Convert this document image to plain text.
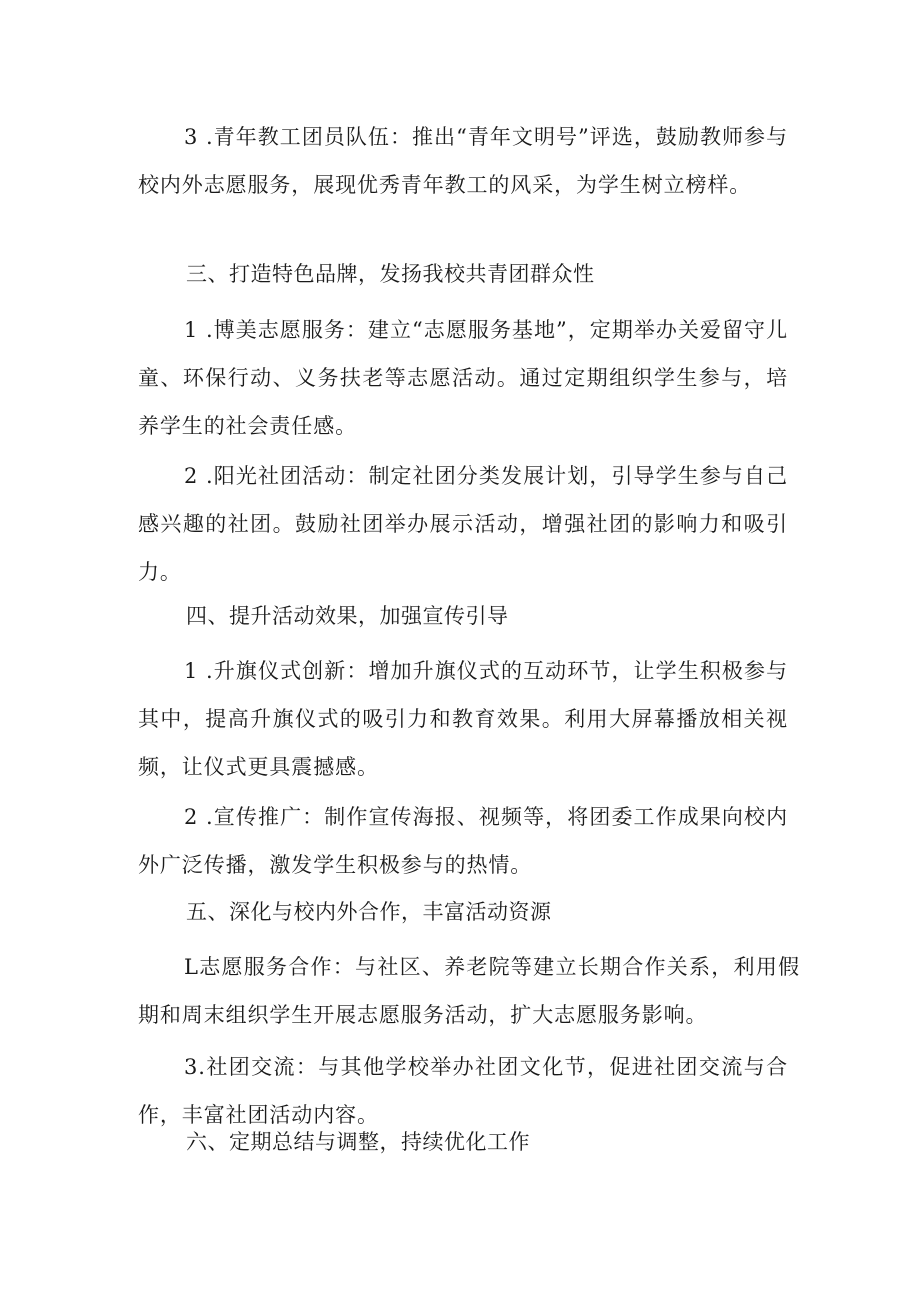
3 .青年教工团员队伍：推出“青年文明号”评选，鼓励教师参与校内外志愿服务，展现优秀青年教工的风采，为学生树立榜样。

三、打造特色品牌，发扬我校共青团群众性

1 .博美志愿服务：建立“志愿服务基地”，定期举办关爱留守儿童、环保行动、义务扶老等志愿活动。通过定期组织学生参与，培养学生的社会责任感。

2 .阳光社团活动：制定社团分类发展计划，引导学生参与自己感兴趣的社团。鼓励社团举办展示活动，增强社团的影响力和吸引力。

四、提升活动效果，加强宣传引导

1 .升旗仪式创新：增加升旗仪式的互动环节，让学生积极参与其中，提高升旗仪式的吸引力和教育效果。利用大屏幕播放相关视频，让仪式更具震撼感。

2 .宣传推广：制作宣传海报、视频等，将团委工作成果向校内外广泛传播，激发学生积极参与的热情。

五、深化与校内外合作，丰富活动资源

L志愿服务合作：与社区、养老院等建立长期合作关系，利用假期和周末组织学生开展志愿服务活动，扩大志愿服务影响。

3.社团交流：与其他学校举办社团文化节，促进社团交流与合作，丰富社团活动内容。

六、定期总结与调整，持续优化工作
